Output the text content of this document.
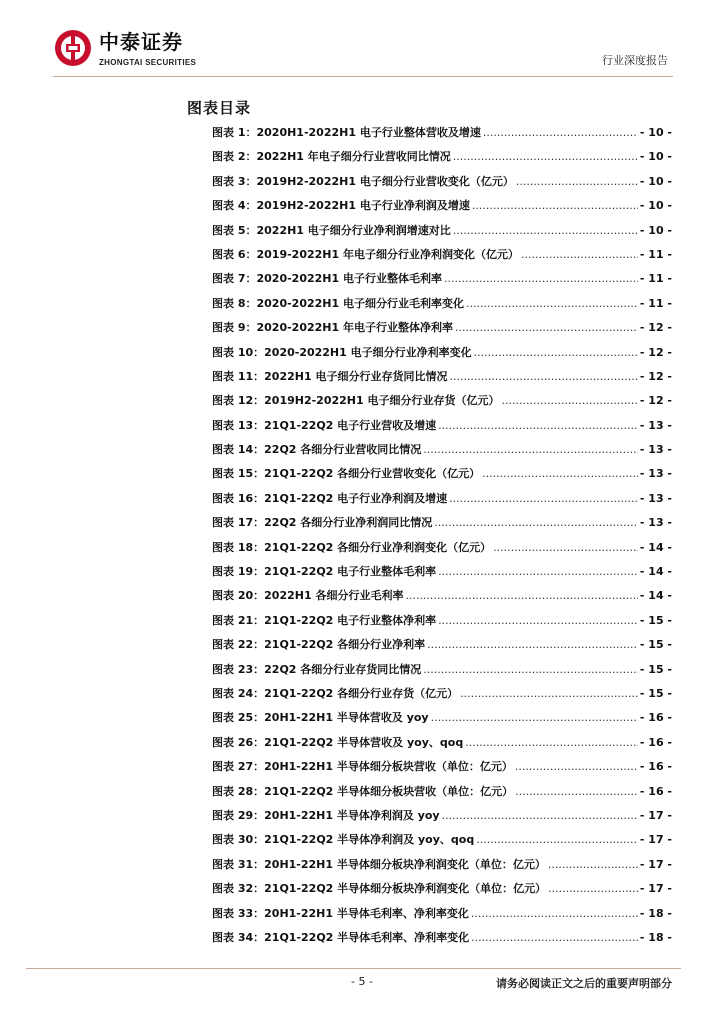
中泰证券
ZHONGTAI SECURITIES	行业深度报告
图表目录
图表 1： 2020H1-2022H1 电子行业整体营收及增速 .....	- 10 -
图表 2： 2022H1 年电子细分行业营收同比情况 .....	- 10 -
图表 3： 2019H2-2022H1 电子细分行业营收变化（亿元） .....	- 10 -
图表 4： 2019H2-2022H1 电子行业净利润及增速 .....	- 10 -
图表 5： 2022H1 电子细分行业净利润增速对比 .....	- 10 -
图表 6： 2019-2022H1 年电子细分行业净利润变化（亿元） .....	- 11 -
图表 7： 2020-2022H1 电子行业整体毛利率 .....	- 11 -
图表 8： 2020-2022H1 电子细分行业毛利率变化 .....	- 11 -
图表 9： 2020-2022H1 年电子行业整体净利率 .....	- 12 -
图表 10： 2020-2022H1 电子细分行业净利率变化 .....	- 12 -
图表 11： 2022H1 电子细分行业存货同比情况 .....	- 12 -
图表 12： 2019H2-2022H1 电子细分行业存货（亿元） .....	- 12 -
图表 13： 21Q1-22Q2 电子行业营收及增速 .....	- 13 -
图表 14： 22Q2 各细分行业营收同比情况 .....	- 13 -
图表 15： 21Q1-22Q2 各细分行业营收变化（亿元） .....	- 13 -
图表 16： 21Q1-22Q2 电子行业净利润及增速 .....	- 13 -
图表 17： 22Q2 各细分行业净利润同比情况 .....	- 13 -
图表 18： 21Q1-22Q2 各细分行业净利润变化（亿元） .....	- 14 -
图表 19： 21Q1-22Q2 电子行业整体毛利率 .....	- 14 -
图表 20： 2022H1 各细分行业毛利率 .....	- 14 -
图表 21： 21Q1-22Q2 电子行业整体净利率 .....	- 15 -
图表 22： 21Q1-22Q2 各细分行业净利率 .....	- 15 -
图表 23： 22Q2 各细分行业存货同比情况 .....	- 15 -
图表 24： 21Q1-22Q2 各细分行业存货（亿元） .....	- 15 -
图表 25： 20H1-22H1 半导体营收及 yoy .....	- 16 -
图表 26： 21Q1-22Q2 半导体营收及 yoy、qoq .....	- 16 -
图表 27： 20H1-22H1 半导体细分板块营收（单位：亿元） .....	- 16 -
图表 28： 21Q1-22Q2 半导体细分板块营收（单位：亿元） .....	- 16 -
图表 29： 20H1-22H1 半导体净利润及 yoy .....	- 17 -
图表 30： 21Q1-22Q2 半导体净利润及 yoy、qoq .....	- 17 -
图表 31： 20H1-22H1 半导体细分板块净利润变化（单位：亿元） .....	- 17 -
图表 32： 21Q1-22Q2 半导体细分板块净利润变化（单位：亿元） .....	- 17 -
图表 33： 20H1-22H1 半导体毛利率、净利率变化 .....	- 18 -
图表 34： 21Q1-22Q2 半导体毛利率、净利率变化 .....	- 18 -
- 5 -	请务必阅读正文之后的重要声明部分
